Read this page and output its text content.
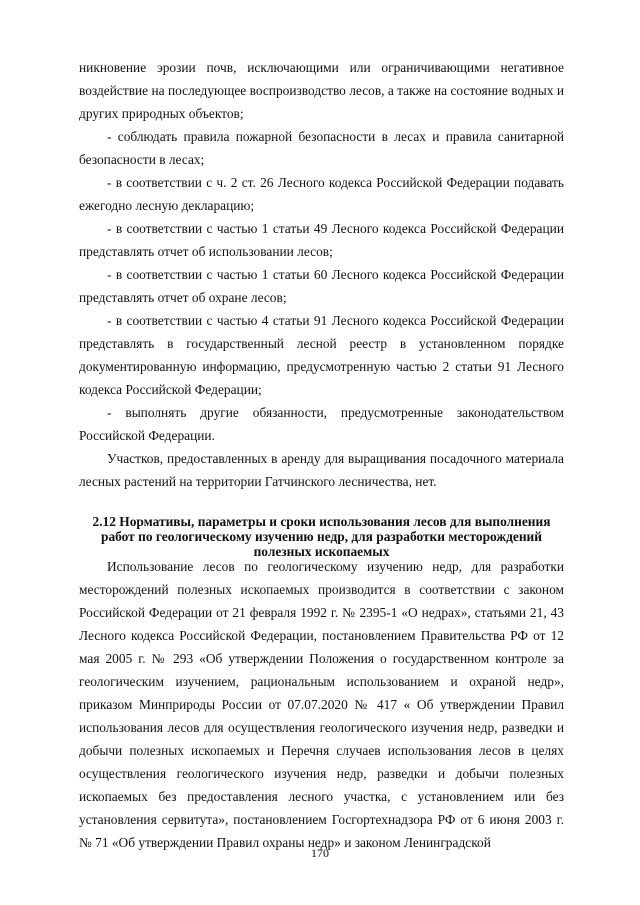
никновение эрозии почв, исключающими или ограничивающими негативное воздействие на последующее воспроизводство лесов, а также на состояние водных и других природных объектов;

- соблюдать правила пожарной безопасности в лесах и правила санитарной безопасности в лесах;

- в соответствии с ч. 2 ст. 26 Лесного кодекса Российской Федерации подавать ежегодно лесную декларацию;

- в соответствии с частью 1 статьи 49 Лесного кодекса Российской Федерации представлять отчет об использовании лесов;

- в соответствии с частью 1 статьи 60 Лесного кодекса Российской Федерации представлять отчет об охране лесов;

- в соответствии с частью 4 статьи 91 Лесного кодекса Российской Федерации представлять в государственный лесной реестр в установленном порядке документированную информацию, предусмотренную частью 2 статьи 91 Лесного кодекса Российской Федерации;

- выполнять другие обязанности, предусмотренные законодательством Российской Федерации.

Участков, предоставленных в аренду для выращивания посадочного материала лесных растений на территории Гатчинского лесничества, нет.

2.12 Нормативы, параметры и сроки использования лесов для выполнения работ по геологическому изучению недр, для разработки месторождений полезных ископаемых

Использование лесов по геологическому изучению недр, для разработки месторождений полезных ископаемых производится в соответствии с законом Российской Федерации от 21 февраля 1992 г. № 2395-1 «О недрах», статьями 21, 43 Лесного кодекса Российской Федерации, постановлением Правительства РФ от 12 мая 2005 г. № 293 «Об утверждении Положения о государственном контроле за геологическим изучением, рациональным использованием и охраной недр», приказом Минприроды России от 07.07.2020 № 417 « Об утверждении Правил использования лесов для осуществления геологического изучения недр, разведки и добычи полезных ископаемых и Перечня случаев использования лесов в целях осуществления геологического изучения недр, разведки и добычи полезных ископаемых без предоставления лесного участка, с установлением или без установления сервитута», постановлением Госгортехнадзора РФ от 6 июня 2003 г. № 71 «Об утверждении Правил охраны недр» и законом Ленинградской

170
